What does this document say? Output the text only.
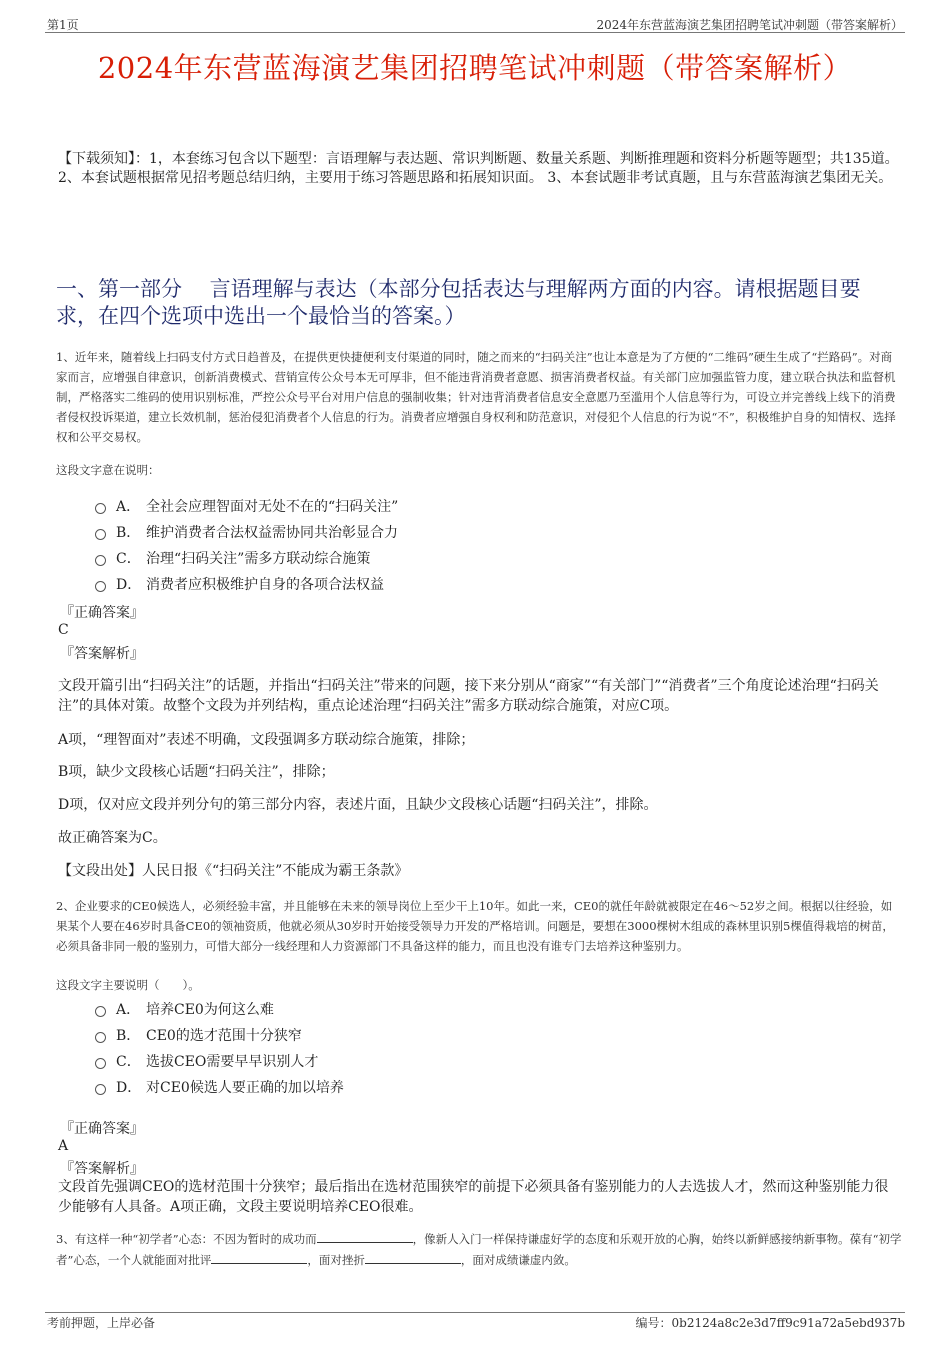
第1页	2024年东营蓝海演艺集团招聘笔试冲刺题（带答案解析）
2024年东营蓝海演艺集团招聘笔试冲刺题（带答案解析）
【下载须知】：1，本套练习包含以下题型：言语理解与表达题、常识判断题、数量关系题、判断推理题和资料分析题等题型；共135道。 2、本套试题根据常见招考题总结归纳，主要用于练习答题思路和拓展知识面。 3、本套试题非考试真题，且与东营蓝海演艺集团无关。
一、第一部分　 言语理解与表达（本部分包括表达与理解两方面的内容。请根据题目要求，在四个选项中选出一个最恰当的答案。）
1、近年来，随着线上扫码支付方式日趋普及，在提供更快捷便利支付渠道的同时，随之而来的“扫码关注”也让本意是为了方便的“二维码”硬生生成了“拦路码”。对商家而言，应增强自律意识，创新消费模式、营销宣传公众号本无可厚非，但不能违背消费者意愿、损害消费者权益。有关部门应加强监管力度，建立联合执法和监督机制，严格落实二维码的使用识别标准，严控公众号平台对用户信息的强制收集；针对违背消费者信息安全意愿乃至滥用个人信息等行为，可设立并完善线上线下的消费者侵权投诉渠道，建立长效机制，惩治侵犯消费者个人信息的行为。消费者应增强自身权利和防范意识，对侵犯个人信息的行为说“不”，积极维护自身的知情权、选择权和公平交易权。
这段文字意在说明：
A． 全社会应理智面对无处不在的“扫码关注”
B． 维护消费者合法权益需协同共治彰显合力
C． 治理“扫码关注”需多方联动综合施策
D． 消费者应积极维护自身的各项合法权益
『正确答案』
C
『答案解析』
文段开篇引出“扫码关注”的话题，并指出“扫码关注”带来的问题，接下来分别从“商家”“有关部门”“消费者”三个角度论述治理“扫码关注”的具体对策。故整个文段为并列结构，重点论述治理“扫码关注”需多方联动综合施策，对应C项。
A项，“理智面对”表述不明确，文段强调多方联动综合施策，排除；
B项，缺少文段核心话题“扫码关注”，排除；
D项，仅对应文段并列分句的第三部分内容，表述片面，且缺少文段核心话题“扫码关注”，排除。
故正确答案为C。
【文段出处】人民日报《“扫码关注”不能成为霸王条款》
2、企业要求的CE0候选人，必须经验丰富，并且能够在未来的领导岗位上至少干上10年。如此一来，CE0的就任年龄就被限定在46～52岁之间。根据以往经验，如果某个人要在46岁时具备CE0的领袖资质，他就必须从30岁时开始接受领导力开发的严格培训。问题是，要想在3000棵树木组成的森林里识别5棵值得栽培的树苗，必须具备非同一般的鉴别力，可惜大部分一线经理和人力资源部门不具备这样的能力，而且也没有谁专门去培养这种鉴别力。
这段文字主要说明（　　）。
A． 培养CE0为何这么难
B． CE0的选才范围十分狭窄
C． 选拔CEO需要早早识别人才
D． 对CE0候选人要正确的加以培养
『正确答案』
A
『答案解析』
文段首先强调CEO的选材范围十分狭窄；最后指出在选材范围狭窄的前提下必须具备有鉴别能力的人去选拔人才，然而这种鉴别能力很少能够有人具备。A项正确，文段主要说明培养CEO很难。
3、有这样一种“初学者”心态：不因为暂时的成功而	，像新人入门一样保持谦虚好学的态度和乐观开放的心胸，始终以新鲜感接纳新事物。葆有“初学者”心态，一个人就能面对批评	，面对挫折	，面对成绩谦虚内敛。
考前押题，上岸必备	编号：0b2124a8c2e3d7ff9c91a72a5ebd937b
